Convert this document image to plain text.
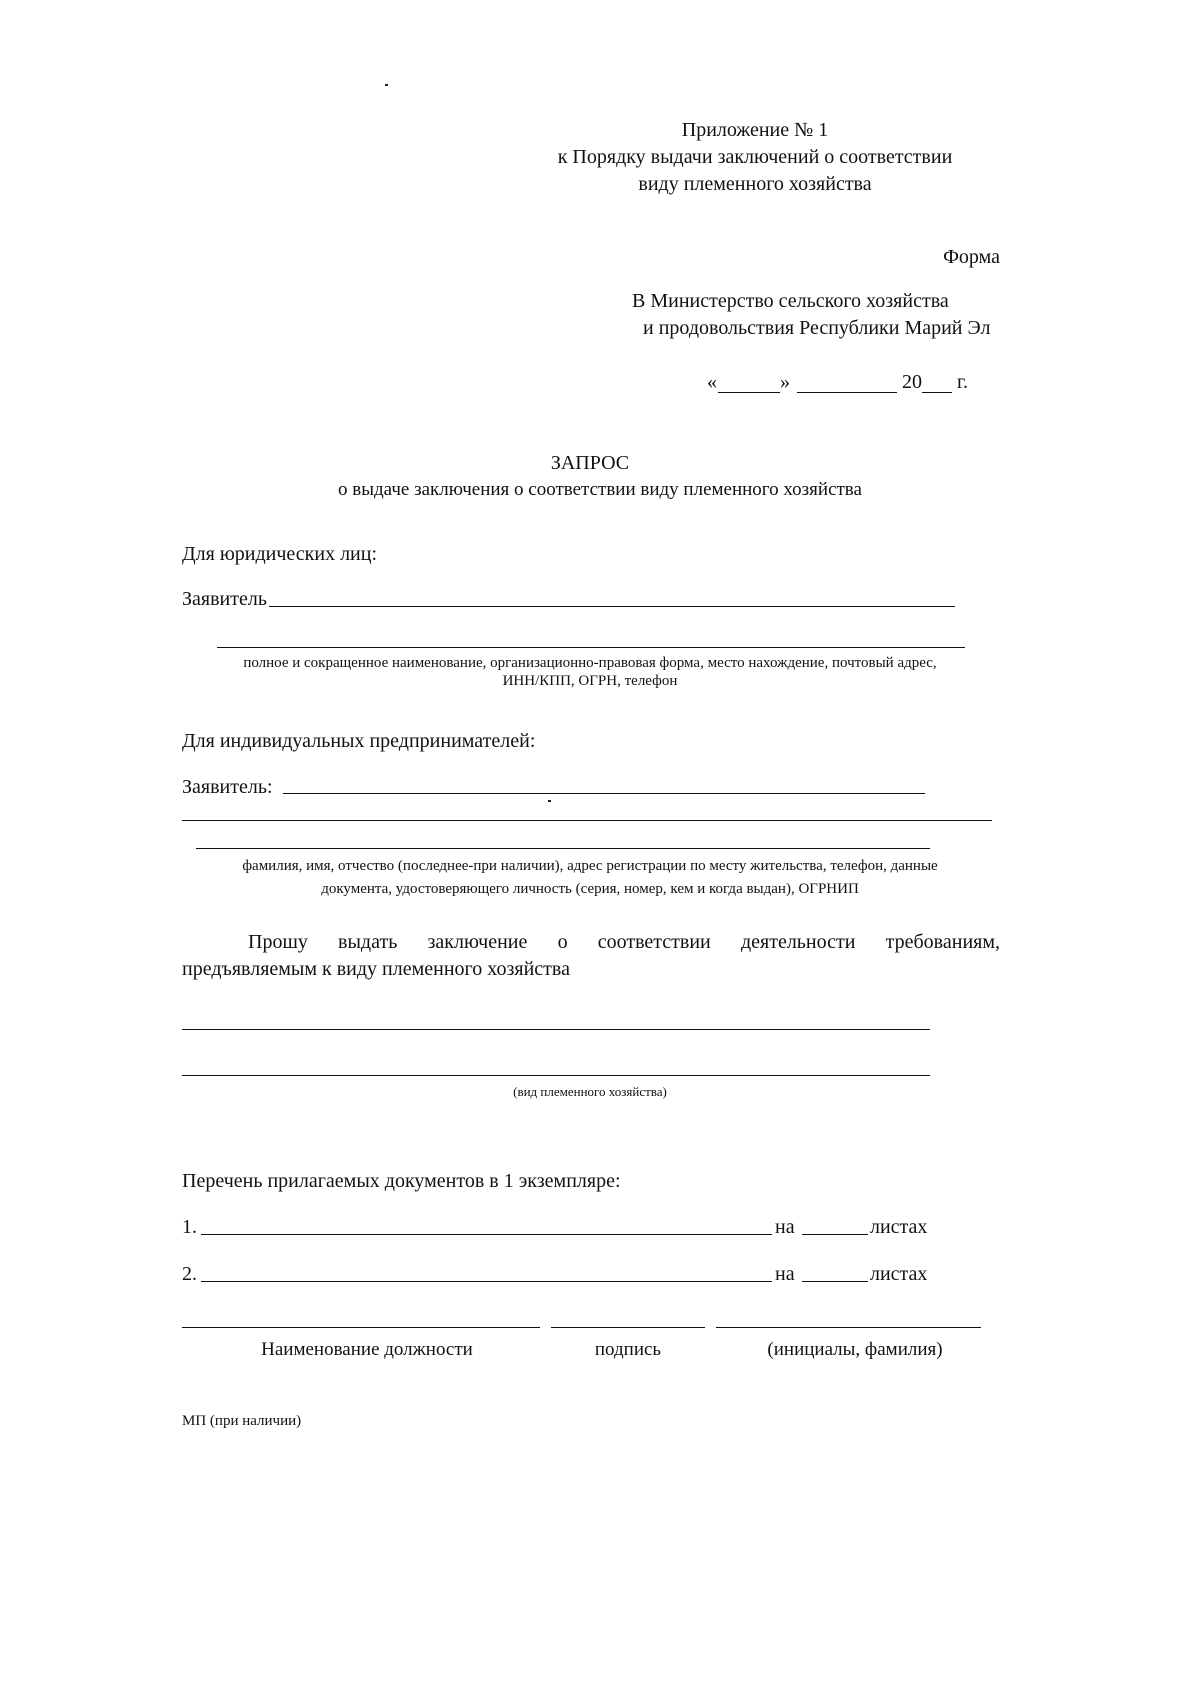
Приложение № 1
к Порядку выдачи заключений о соответствии
виду племенного хозяйства
Форма
В Министерство сельского хозяйства
и продовольствия Республики Марий Эл
«	»	20 г.
ЗАПРОС
о выдаче заключения о соответствии виду племенного хозяйства
Для юридических лиц:
Заявитель
полное и сокращенное наименование, организационно-правовая форма, место нахождение, почтовый адрес,
ИНН/КПП, ОГРН, телефон
Для индивидуальных предпринимателей:
Заявитель:
фамилия, имя, отчество (последнее-при наличии), адрес регистрации по месту жительства, телефон, данные
документа, удостоверяющего личность (серия, номер, кем и когда выдан), ОГРНИП
Прошу выдать заключение о соответствии деятельности требованиям,
предъявляемым к виду племенного хозяйства
(вид племенного хозяйства)
Перечень прилагаемых документов в 1 экземпляре:
1.	на	листах
2.	на	листах
Наименование должности	подпись	(инициалы, фамилия)
МП (при наличии)
